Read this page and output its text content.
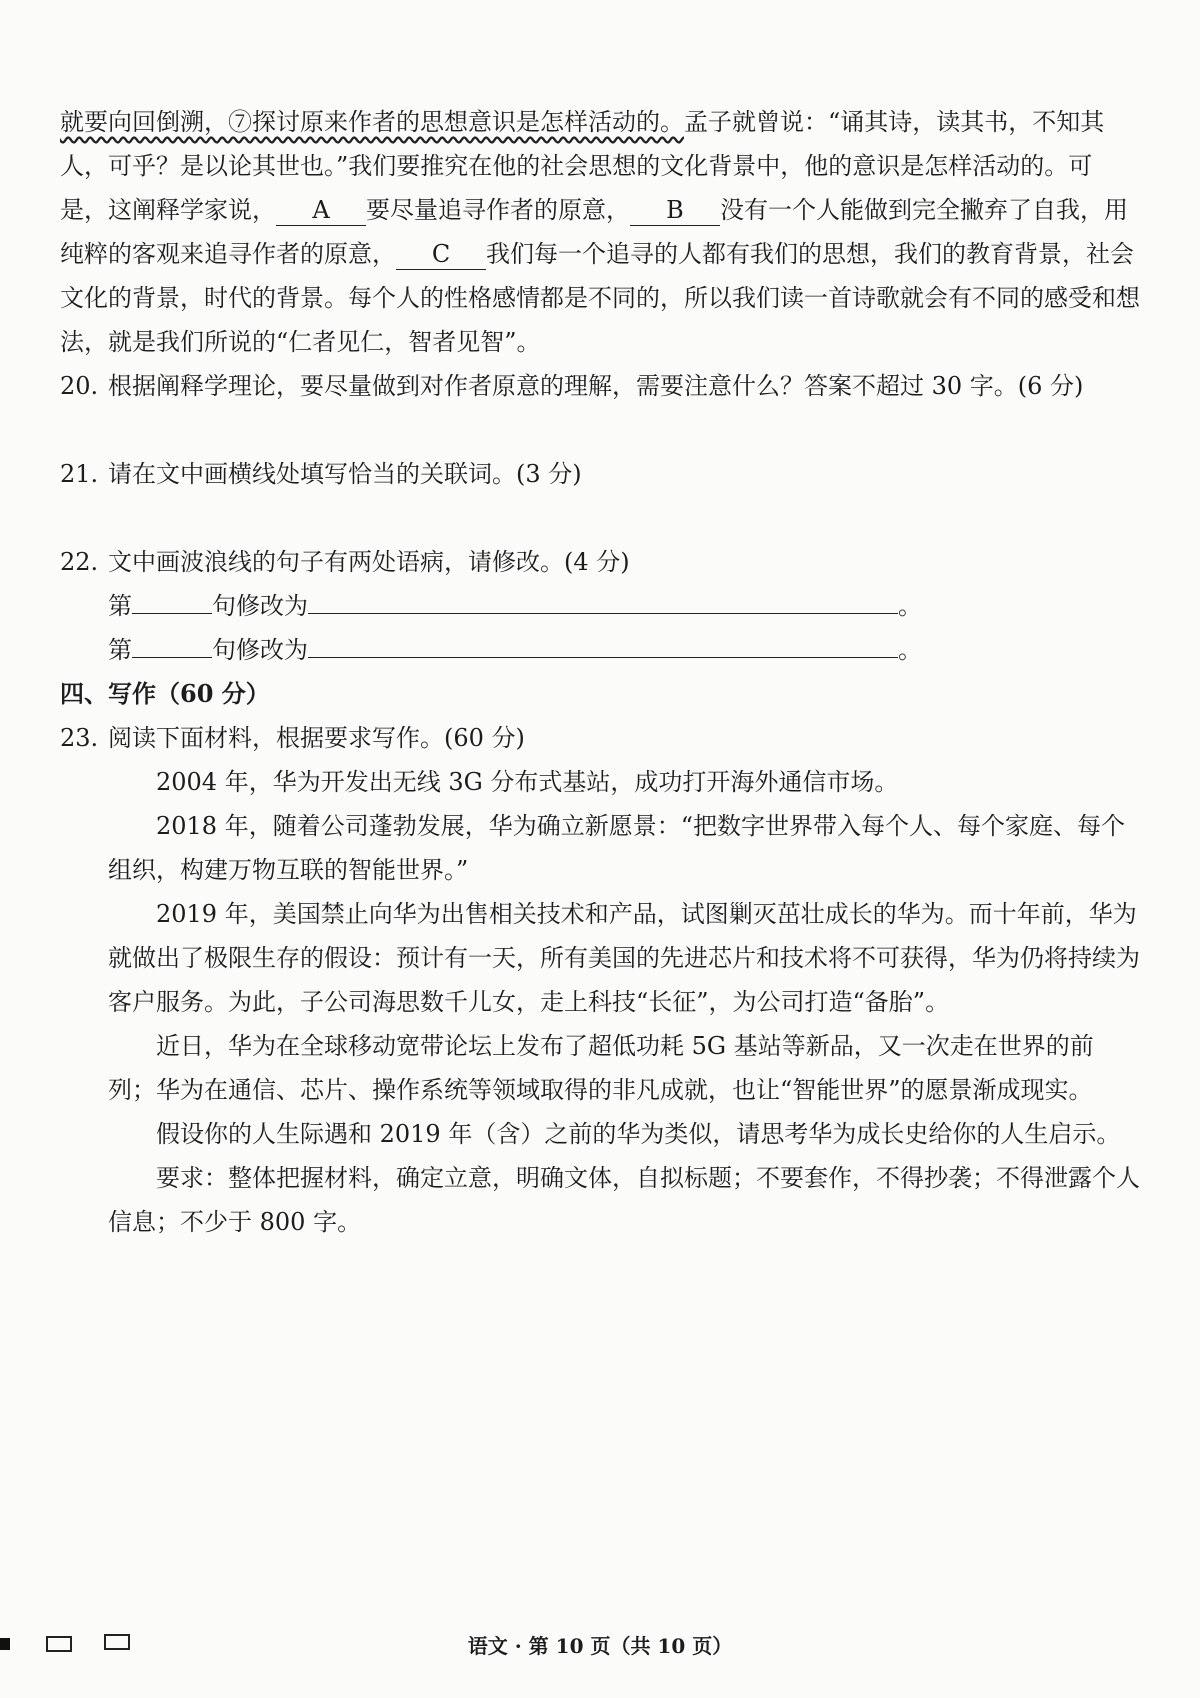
就要向回倒溯，⑦探讨原来作者的思想意识是怎样活动的。孟子就曾说：“诵其诗，读其书，不知其人，可乎？是以论其世也。”我们要推究在他的社会思想的文化背景中，他的意识是怎样活动的。可是，这阐释学家说， A 要尽量追寻作者的原意， B 没有一个人能做到完全撇弃了自我，用纯粹的客观来追寻作者的原意， C 我们每一个追寻的人都有我们的思想，我们的教育背景，社会文化的背景，时代的背景。每个人的性格感情都是不同的，所以我们读一首诗歌就会有不同的感受和想法，就是我们所说的“仁者见仁，智者见智”。

20. 根据阐释学理论，要尽量做到对作者原意的理解，需要注意什么？答案不超过 30 字。(6 分)

21. 请在文中画横线处填写恰当的关联词。(3 分)

22. 文中画波浪线的句子有两处语病，请修改。(4 分)

第	句修改为	。
第	句修改为	。

四、写作（60 分）

23. 阅读下面材料，根据要求写作。(60 分)

2004 年，华为开发出无线 3G 分布式基站，成功打开海外通信市场。

2018 年，随着公司蓬勃发展，华为确立新愿景：“把数字世界带入每个人、每个家庭、每个组织，构建万物互联的智能世界。”

2019 年，美国禁止向华为出售相关技术和产品，试图剿灭茁壮成长的华为。而十年前，华为就做出了极限生存的假设：预计有一天，所有美国的先进芯片和技术将不可获得，华为仍将持续为客户服务。为此，子公司海思数千儿女，走上科技“长征”，为公司打造“备胎”。

近日，华为在全球移动宽带论坛上发布了超低功耗 5G 基站等新品，又一次走在世界的前列；华为在通信、芯片、操作系统等领域取得的非凡成就，也让“智能世界”的愿景渐成现实。

假设你的人生际遇和 2019 年（含）之前的华为类似，请思考华为成长史给你的人生启示。

要求：整体把握材料，确定立意，明确文体，自拟标题；不要套作，不得抄袭；不得泄露个人信息；不少于 800 字。

语文 · 第 10 页（共 10 页）
